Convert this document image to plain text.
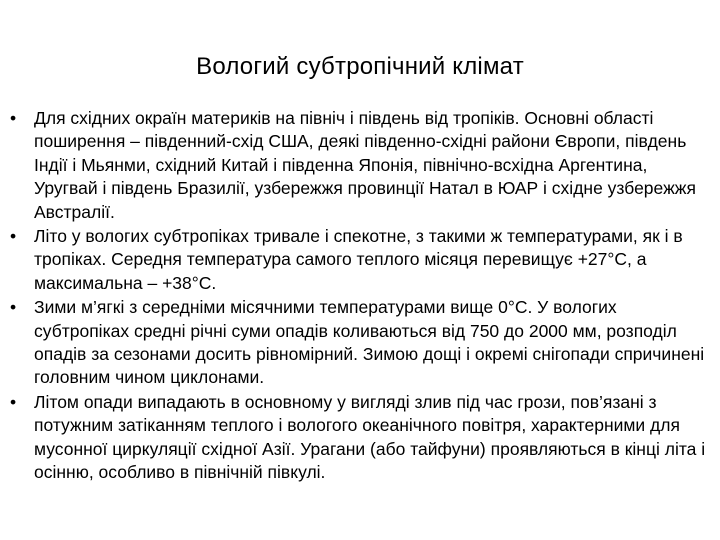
Вологий субтропічний клімат
•	Для східних окраїн материків на північ і південь від тропіків. Основні області поширення – південний-схід США, деякі південно-східні райони Європи, південь Індії і Мьянми, східний Китай і південна Японія, північно-всхідна Аргентина, Уругвай і південь Бразилії, узбережжя провинції Натал в ЮАР і східне узбережжя Австралії.
•	Літо у вологих субтропіках тривале і спекотне, з такими ж температурами, як і в тропіках. Середня температура самого теплого місяця перевищує +27°С, а максимальна – +38°С.
•	Зими м’ягкі з середніми місячними температурами вище 0°С. У вологих субтропіках средні річні суми опадів коливаються від 750 до 2000 мм, розподіл опадів за сезонами досить рівномірний. Зимою дощі і окремі снігопади спричинені головним чином циклонами.
•	Літом опади випадають в основному у вигляді злив під час грози, пов’язані з потужним затіканням теплого і вологого океанічного повітря, характерними для мусонної циркуляції східної Азії. Урагани (або тайфуни) проявляються в кінці літа і осінню, особливо в північній півкулі.
